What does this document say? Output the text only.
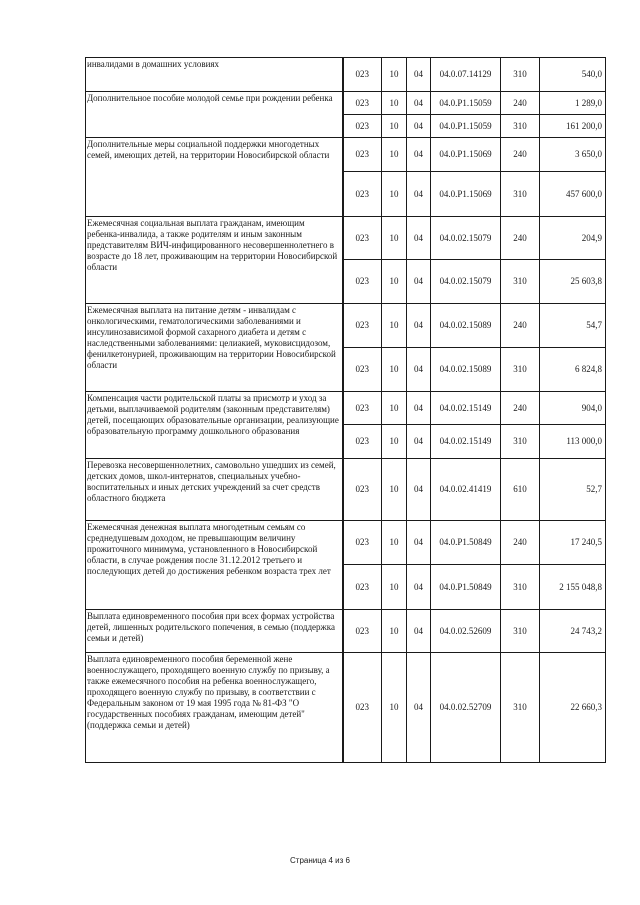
инвалидами в домашних условиях	023	10	04	04.0.07.14129	310	540,0
Дополнительное пособие молодой семье при рождении ребенка	023	10	04	04.0.P1.15059	240	1 289,0
	023	10	04	04.0.P1.15059	310	161 200,0
Дополнительные меры социальной поддержки многодетных семей, имеющих детей, на территории Новосибирской области	023	10	04	04.0.P1.15069	240	3 650,0
	023	10	04	04.0.P1.15069	310	457 600,0
Ежемесячная социальная выплата гражданам, имеющим ребенка-инвалида, а также родителям и иным законным представителям ВИЧ-инфицированного несовершеннолетнего в возрасте до 18 лет, проживающим на территории Новосибирской области	023	10	04	04.0.02.15079	240	204,9
	023	10	04	04.0.02.15079	310	25 603,8
Ежемесячная выплата на питание детям - инвалидам с онкологическими, гематологическими заболеваниями и инсулинозависимой формой сахарного диабета и детям с наследственными заболеваниями: целиакией, муковисцидозом, фенилкетонурией, проживающим на территории Новосибирской области	023	10	04	04.0.02.15089	240	54,7
	023	10	04	04.0.02.15089	310	6 824,8
Компенсация части родительской платы за присмотр и уход за детьми, выплачиваемой родителям (законным представителям) детей, посещающих образовательные организации, реализующие образовательную программу дошкольного образования	023	10	04	04.0.02.15149	240	904,0
	023	10	04	04.0.02.15149	310	113 000,0
Перевозка несовершеннолетних, самовольно ушедших из семей, детских домов, школ-интернатов, специальных учебно-воспитательных и иных детских учреждений за счет средств областного бюджета	023	10	04	04.0.02.41419	610	52,7
Ежемесячная денежная выплата многодетным семьям со среднедушевым доходом, не превышающим величину прожиточного минимума, установленного в Новосибирской области, в случае рождения после 31.12.2012 третьего и последующих детей до достижения ребенком возраста трех лет	023	10	04	04.0.P1.50849	240	17 240,5
	023	10	04	04.0.P1.50849	310	2 155 048,8
Выплата единовременного пособия при всех формах устройства детей, лишенных родительского попечения, в семью (поддержка семьи и детей)	023	10	04	04.0.02.52609	310	24 743,2
Выплата единовременного пособия беременной жене военнослужащего, проходящего военную службу по призыву, а также ежемесячного пособия на ребенка военнослужащего, проходящего военную службу по призыву, в соответствии с Федеральным законом от 19 мая 1995 года № 81-ФЗ "О государственных пособиях гражданам, имеющим детей" (поддержка семьи и детей)	023	10	04	04.0.02.52709	310	22 660,3
Страница 4 из 6
